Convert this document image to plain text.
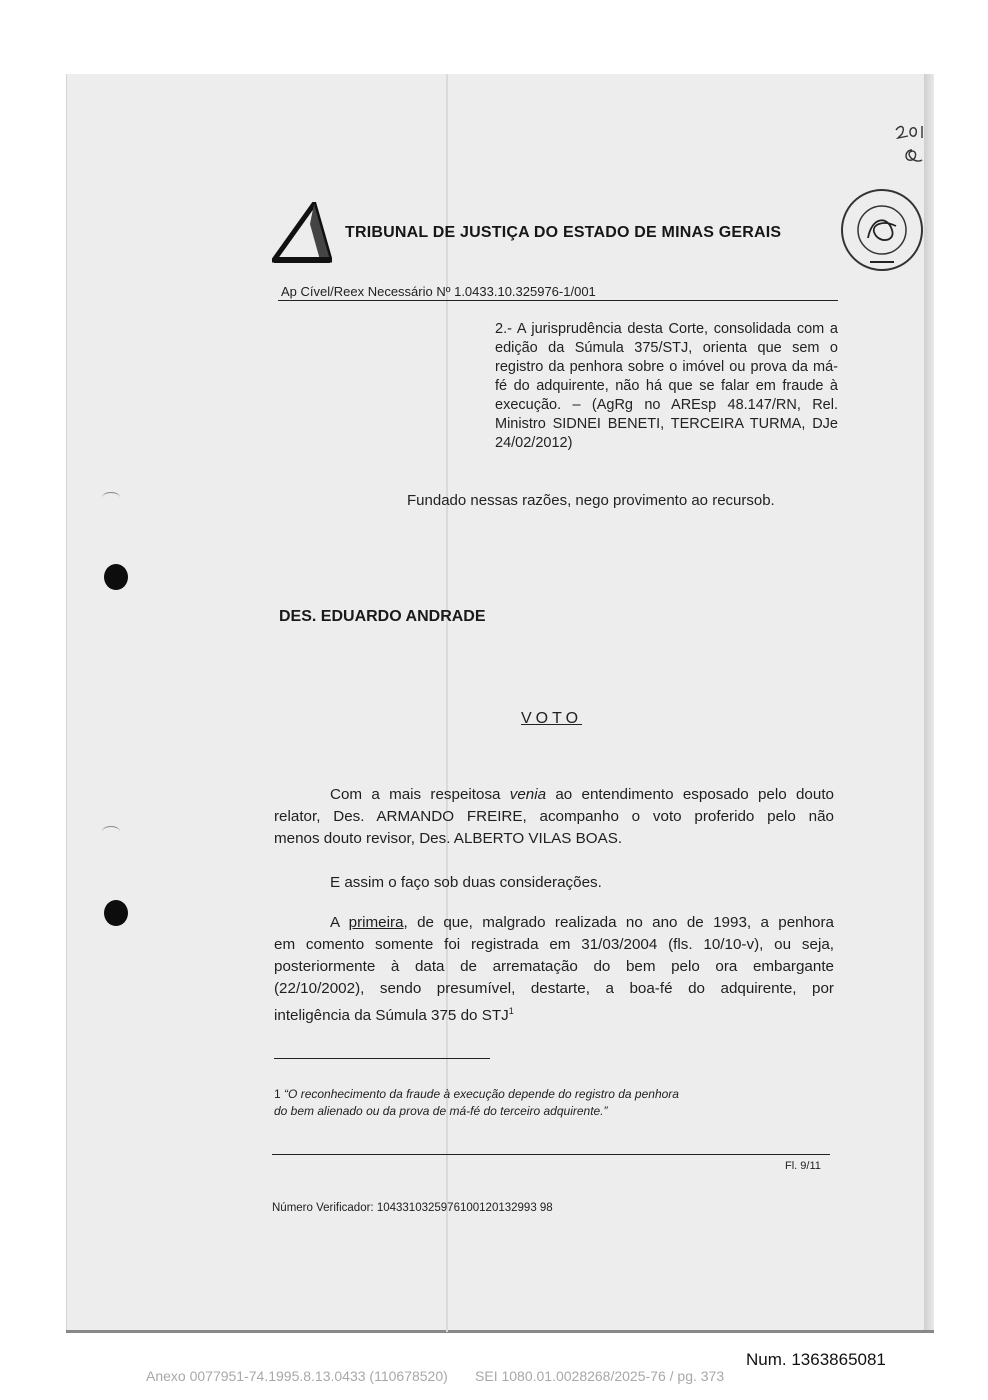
TRIBUNAL DE JUSTIÇA DO ESTADO DE MINAS GERAIS
Ap Cível/Reex Necessário Nº 1.0433.10.325976-1/001
2.- A jurisprudência desta Corte, consolidada com a edição da Súmula 375/STJ, orienta que sem o registro da penhora sobre o imóvel ou prova da má-fé do adquirente, não há que se falar em fraude à execução. – (AgRg no AREsp 48.147/RN, Rel. Ministro SIDNEI BENETI, TERCEIRA TURMA, DJe 24/02/2012)
Fundado nessas razões, nego provimento ao recursob.
DES. EDUARDO ANDRADE
VOTO
Com a mais respeitosa venia ao entendimento esposado pelo douto
relator, Des. ARMANDO FREIRE, acompanho o voto proferido pelo não
menos douto revisor, Des. ALBERTO VILAS BOAS.
E assim o faço sob duas considerações.
A primeira, de que, malgrado realizada no ano de 1993, a penhora
em comento somente foi registrada em 31/03/2004 (fls. 10/10-v), ou seja,
posteriormente à data de arrematação do bem pelo ora embargante
(22/10/2002), sendo presumível, destarte, a boa-fé do adquirente, por
inteligência da Súmula 375 do STJ$^1$
1 “O reconhecimento da fraude à execução depende do registro da penhora
do bem alienado ou da prova de má-fé do terceiro adquirente.”
Fl. 9/11
Número Verificador: 1043310325976100120132993 98
Num. 1363865081
Anexo 0077951-74.1995.8.13.0433 (110678520) SEI 1080.01.0028268/2025-76 / pg. 373
